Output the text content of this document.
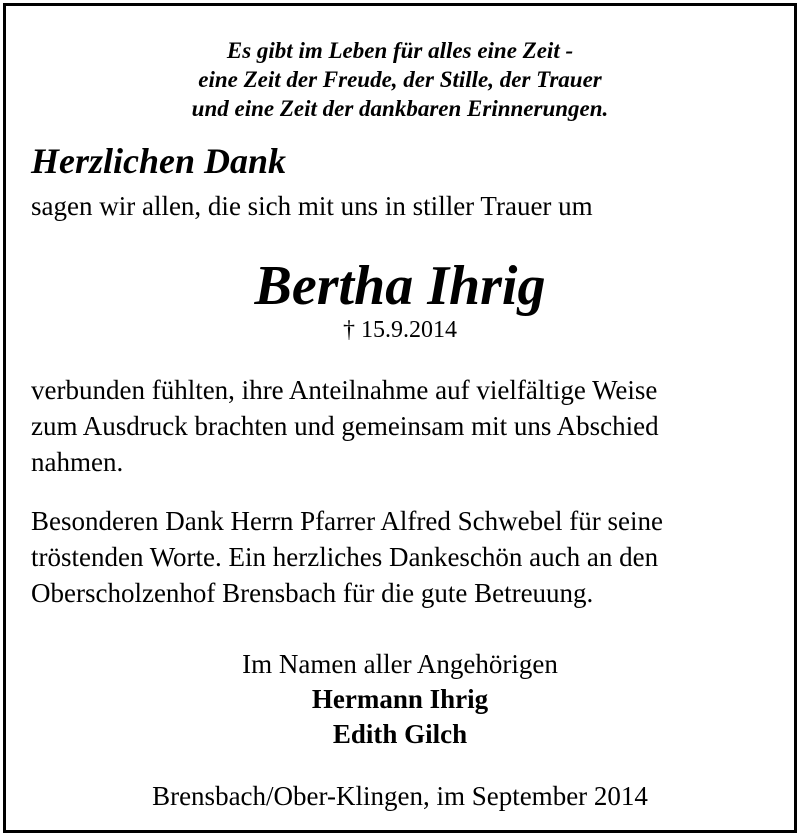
Es gibt im Leben für alles eine Zeit -
eine Zeit der Freude, der Stille, der Trauer
und eine Zeit der dankbaren Erinnerungen.
Herzlichen Dank
sagen wir allen, die sich mit uns in stiller Trauer um
Bertha Ihrig
† 15.9.2014
verbunden fühlten, ihre Anteilnahme auf vielfältige Weise
zum Ausdruck brachten und gemeinsam mit uns Abschied
nahmen.
Besonderen Dank Herrn Pfarrer Alfred Schwebel für seine
tröstenden Worte. Ein herzliches Dankeschön auch an den
Oberscholzenhof Brensbach für die gute Betreuung.
Im Namen aller Angehörigen
Hermann Ihrig
Edith Gilch
Brensbach/Ober-Klingen, im September 2014
